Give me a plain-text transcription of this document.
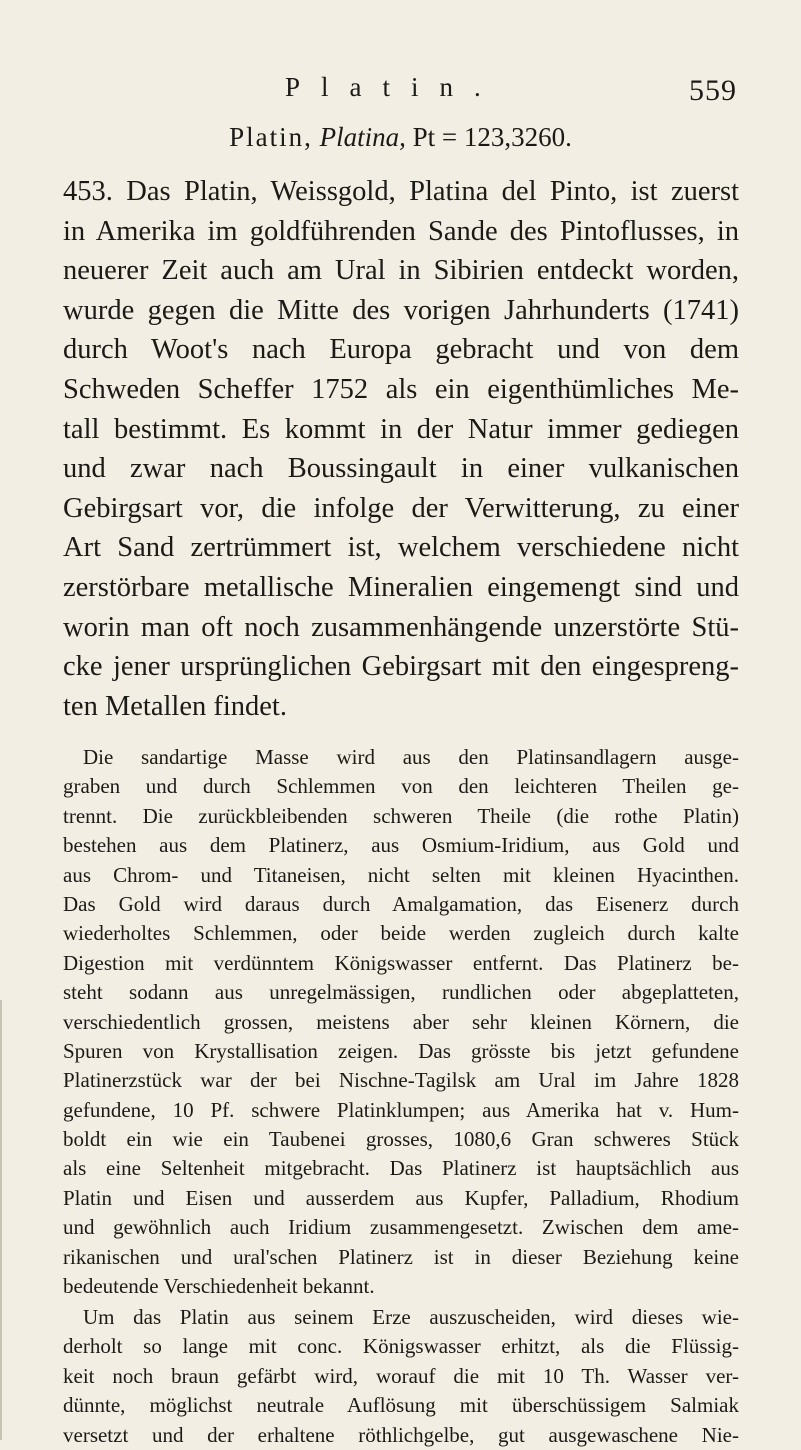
Platin.	559
Platin, Platina, Pt = 123,3260.
453. Das Platin, Weissgold, Platina del Pinto, ist zuerst
in Amerika im goldführenden Sande des Pintoflusses, in
neuerer Zeit auch am Ural in Sibirien entdeckt worden,
wurde gegen die Mitte des vorigen Jahrhunderts (1741)
durch Woot's nach Europa gebracht und von dem
Schweden Scheffer 1752 als ein eigenthümliches Me-
tall bestimmt. Es kommt in der Natur immer gediegen
und zwar nach Boussingault in einer vulkanischen
Gebirgsart vor, die infolge der Verwitterung, zu einer
Art Sand zertrümmert ist, welchem verschiedene nicht
zerstörbare metallische Mineralien eingemengt sind und
worin man oft noch zusammenhängende unzerstörte Stü-
cke jener ursprünglichen Gebirgsart mit den eingespreng-
ten Metallen findet.
Die sandartige Masse wird aus den Platinsandlagern ausge-
graben und durch Schlemmen von den leichteren Theilen ge-
trennt. Die zurückbleibenden schweren Theile (die rothe Platin)
bestehen aus dem Platinerz, aus Osmium-Iridium, aus Gold und
aus Chrom- und Titaneisen, nicht selten mit kleinen Hyacinthen.
Das Gold wird daraus durch Amalgamation, das Eisenerz durch
wiederholtes Schlemmen, oder beide werden zugleich durch kalte
Digestion mit verdünntem Königswasser entfernt. Das Platinerz be-
steht sodann aus unregelmässigen, rundlichen oder abgeplatteten,
verschiedentlich grossen, meistens aber sehr kleinen Körnern, die
Spuren von Krystallisation zeigen. Das grösste bis jetzt gefundene
Platinerzstück war der bei Nischne-Tagilsk am Ural im Jahre 1828
gefundene, 10 Pf. schwere Platinklumpen; aus Amerika hat v. Hum-
boldt ein wie ein Taubenei grosses, 1080,6 Gran schweres Stück
als eine Seltenheit mitgebracht. Das Platinerz ist hauptsächlich aus
Platin und Eisen und ausserdem aus Kupfer, Palladium, Rhodium
und gewöhnlich auch Iridium zusammengesetzt. Zwischen dem ame-
rikanischen und ural'schen Platinerz ist in dieser Beziehung keine
bedeutende Verschiedenheit bekannt.
Um das Platin aus seinem Erze auszuscheiden, wird dieses wie-
derholt so lange mit conc. Königswasser erhitzt, als die Flüssig-
keit noch braun gefärbt wird, worauf die mit 10 Th. Wasser ver-
dünnte, möglichst neutrale Auflösung mit überschüssigem Salmiak
versetzt und der erhaltene röthlichgelbe, gut ausgewaschene Nie-
